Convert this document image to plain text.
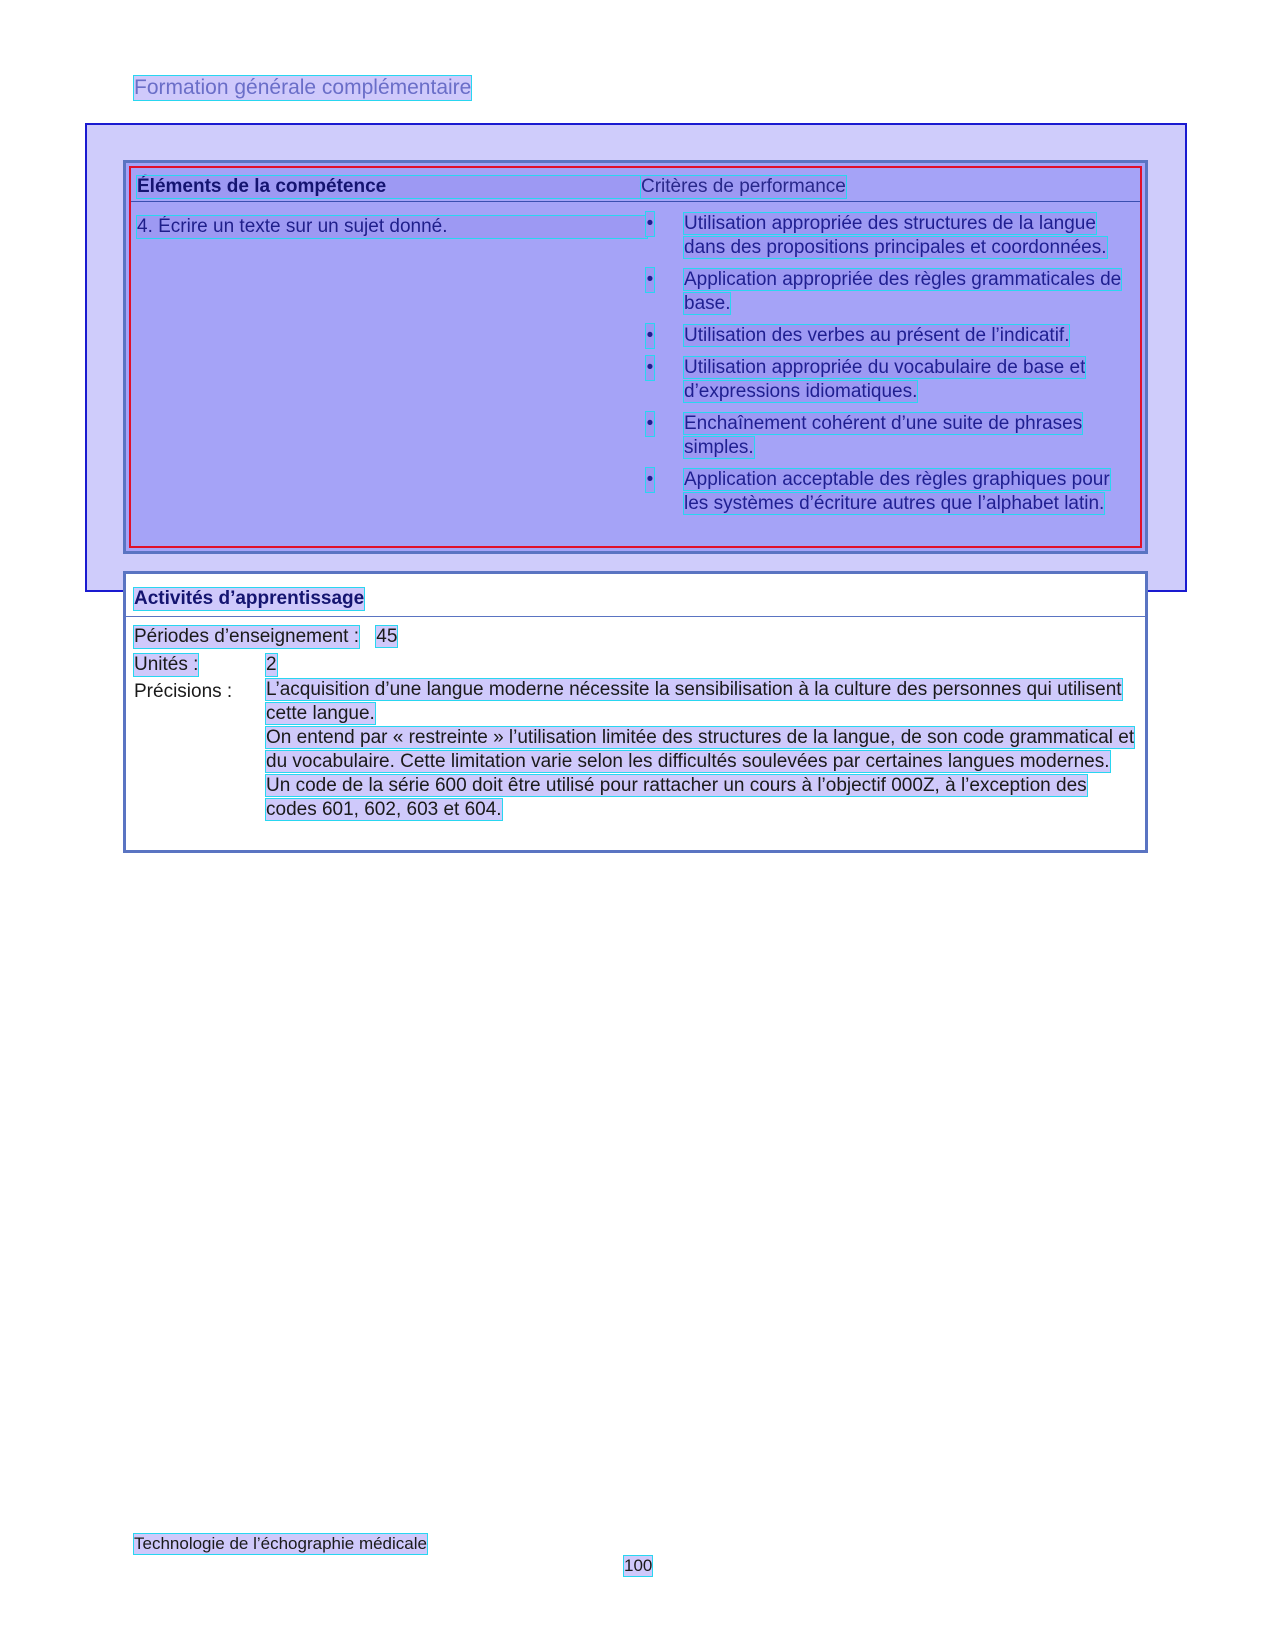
Formation générale complémentaire
Éléments de la compétence	Critères de performance
4. Écrire un texte sur un sujet donné.	• Utilisation appropriée des structures de la langue dans des propositions principales et coordonnées.
• Application appropriée des règles grammaticales de base.
• Utilisation des verbes au présent de l’indicatif.
• Utilisation appropriée du vocabulaire de base et d’expressions idiomatiques.
• Enchaînement cohérent d’une suite de phrases simples.
• Application acceptable des règles graphiques pour les systèmes d’écriture autres que l’alphabet latin.
Activités d’apprentissage
Périodes d’enseignement : 45
Unités :	2
Précisions : L’acquisition d’une langue moderne nécessite la sensibilisation à la culture des personnes qui utilisent cette langue.

On entend par « restreinte » l’utilisation limitée des structures de la langue, de son code grammatical et du vocabulaire. Cette limitation varie selon les difficultés soulevées par certaines langues modernes.

Un code de la série 600 doit être utilisé pour rattacher un cours à l’objectif 000Z, à l’exception des codes 601, 602, 603 et 604.

Technologie de l’échographie médicale
100
